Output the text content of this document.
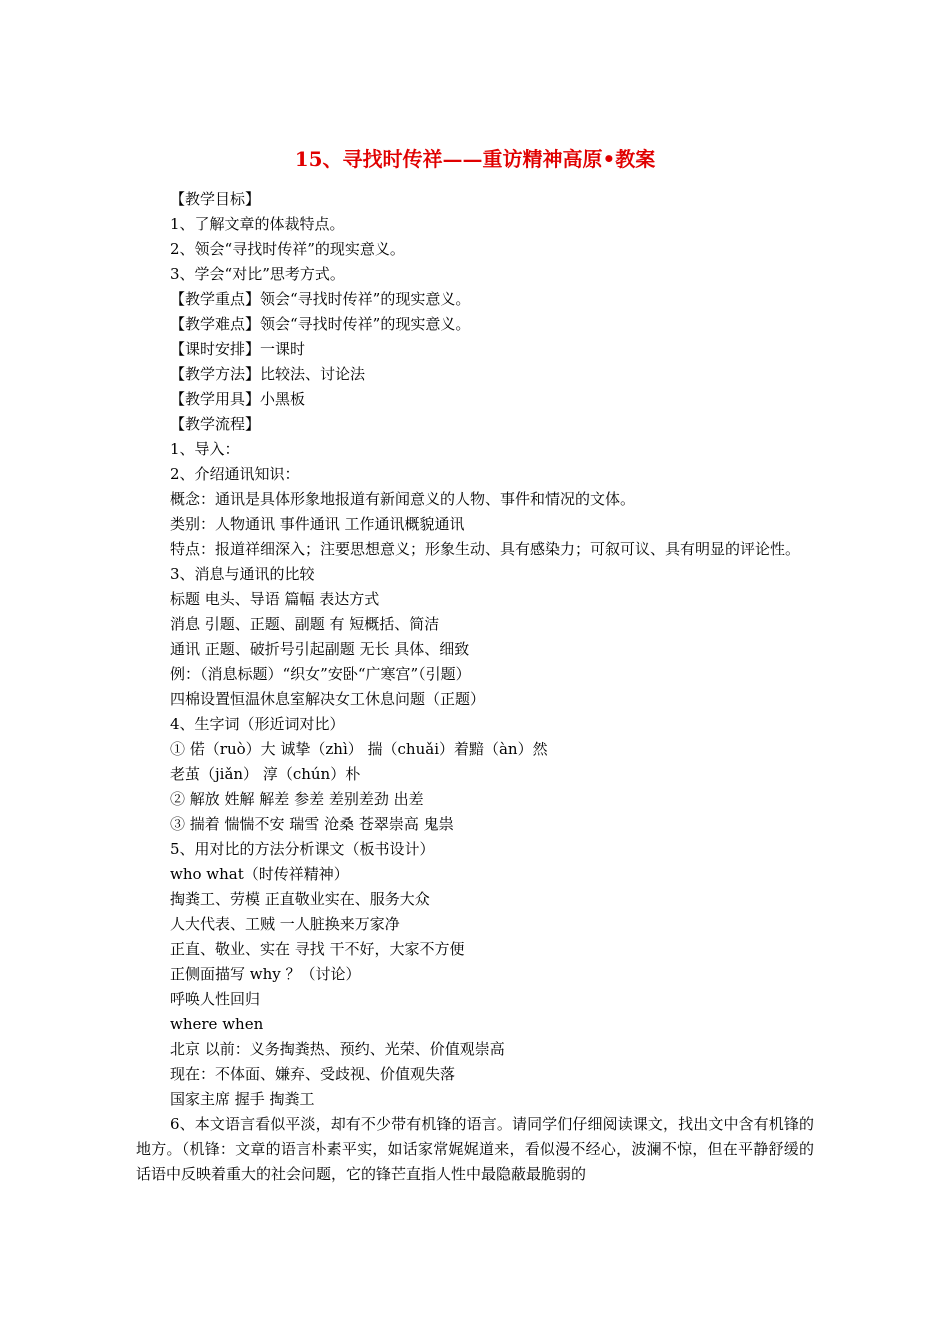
15、寻找时传祥——重访精神高原•教案

【教学目标】

1、了解文章的体裁特点。

2、领会“寻找时传祥”的现实意义。

3、学会“对比”思考方式。

【教学重点】领会“寻找时传祥”的现实意义。

【教学难点】领会“寻找时传祥”的现实意义。

【课时安排】一课时

【教学方法】比较法、讨论法

【教学用具】小黑板

【教学流程】

1、导入：

2、介绍通讯知识：

概念：通讯是具体形象地报道有新闻意义的人物、事件和情况的文体。

类别：人物通讯 事件通讯 工作通讯概貌通讯

特点：报道祥细深入；注要思想意义；形象生动、具有感染力；可叙可议、具有明显的评论性。

3、消息与通讯的比较

标题 电头、导语 篇幅 表达方式

消息 引题、正题、副题 有 短概括、简洁

通讯 正题、破折号引起副题 无长 具体、细致

例：（消息标题）“织女”安卧“广寒宫”（引题）

四棉设置恒温休息室解决女工休息问题（正题）

4、生字词（形近词对比）

① 偌（ruò）大 诚挚（zhì） 揣（chuǎi）着黯（àn）然

老茧（jiǎn） 淳（chún）朴

② 解放 姓解 解差 参差 差别差劲 出差

③ 揣着 惴惴不安 瑞雪 沧桑 苍翠崇高 鬼祟

5、用对比的方法分析课文（板书设计）

who what（时传祥精神）

掏粪工、劳模 正直敬业实在、服务大众

人大代表、工贼 一人脏换来万家净

正直、敬业、实在 寻找 干不好，大家不方便

正侧面描写 why ？（讨论）

呼唤人性回归

where when

北京 以前：义务掏粪热、预约、光荣、价值观崇高

现在：不体面、嫌弃、受歧视、价值观失落

国家主席 握手 掏粪工

6、本文语言看似平淡，却有不少带有机锋的语言。请同学们仔细阅读课文，找出文中含有机锋的地方。（机锋：文章的语言朴素平实，如话家常娓娓道来，看似漫不经心，波澜不惊，但在平静舒缓的话语中反映着重大的社会问题，它的锋芒直指人性中最隐蔽最脆弱的
